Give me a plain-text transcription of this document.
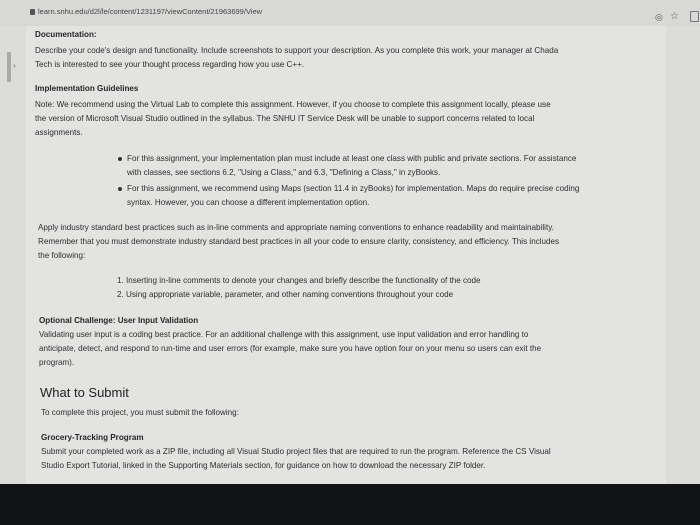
learn.snhu.edu/d2l/le/content/1231197/viewContent/21963699/View
◎ ☆
›
Documentation:
Describe your code's design and functionality. Include screenshots to support your description. As you complete this work, your manager at Chada
Tech is interested to see your thought process regarding how you use C++.
Implementation Guidelines
Note: We recommend using the Virtual Lab to complete this assignment. However, if you choose to complete this assignment locally, please use
the version of Microsoft Visual Studio outlined in the syllabus. The SNHU IT Service Desk will be unable to support concerns related to local
assignments.
For this assignment, your implementation plan must include at least one class with public and private sections. For assistance
with classes, see sections 6.2, "Using a Class," and 6.3, "Defining a Class," in zyBooks.
For this assignment, we recommend using Maps (section 11.4 in zyBooks) for implementation. Maps do require precise coding
syntax. However, you can choose a different implementation option.
Apply industry standard best practices such as in-line comments and appropriate naming conventions to enhance readability and maintainability.
Remember that you must demonstrate industry standard best practices in all your code to ensure clarity, consistency, and efficiency. This includes
the following:
1. Inserting in-line comments to denote your changes and briefly describe the functionality of the code
2. Using appropriate variable, parameter, and other naming conventions throughout your code
Optional Challenge: User Input Validation
Validating user input is a coding best practice. For an additional challenge with this assignment, use input validation and error handling to
anticipate, detect, and respond to run-time and user errors (for example, make sure you have option four on your menu so users can exit the
program).
What to Submit
To complete this project, you must submit the following:
Grocery-Tracking Program
Submit your completed work as a ZIP file, including all Visual Studio project files that are required to run the program. Reference the CS Visual
Studio Export Tutorial, linked in the Supporting Materials section, for guidance on how to download the necessary ZIP folder.
